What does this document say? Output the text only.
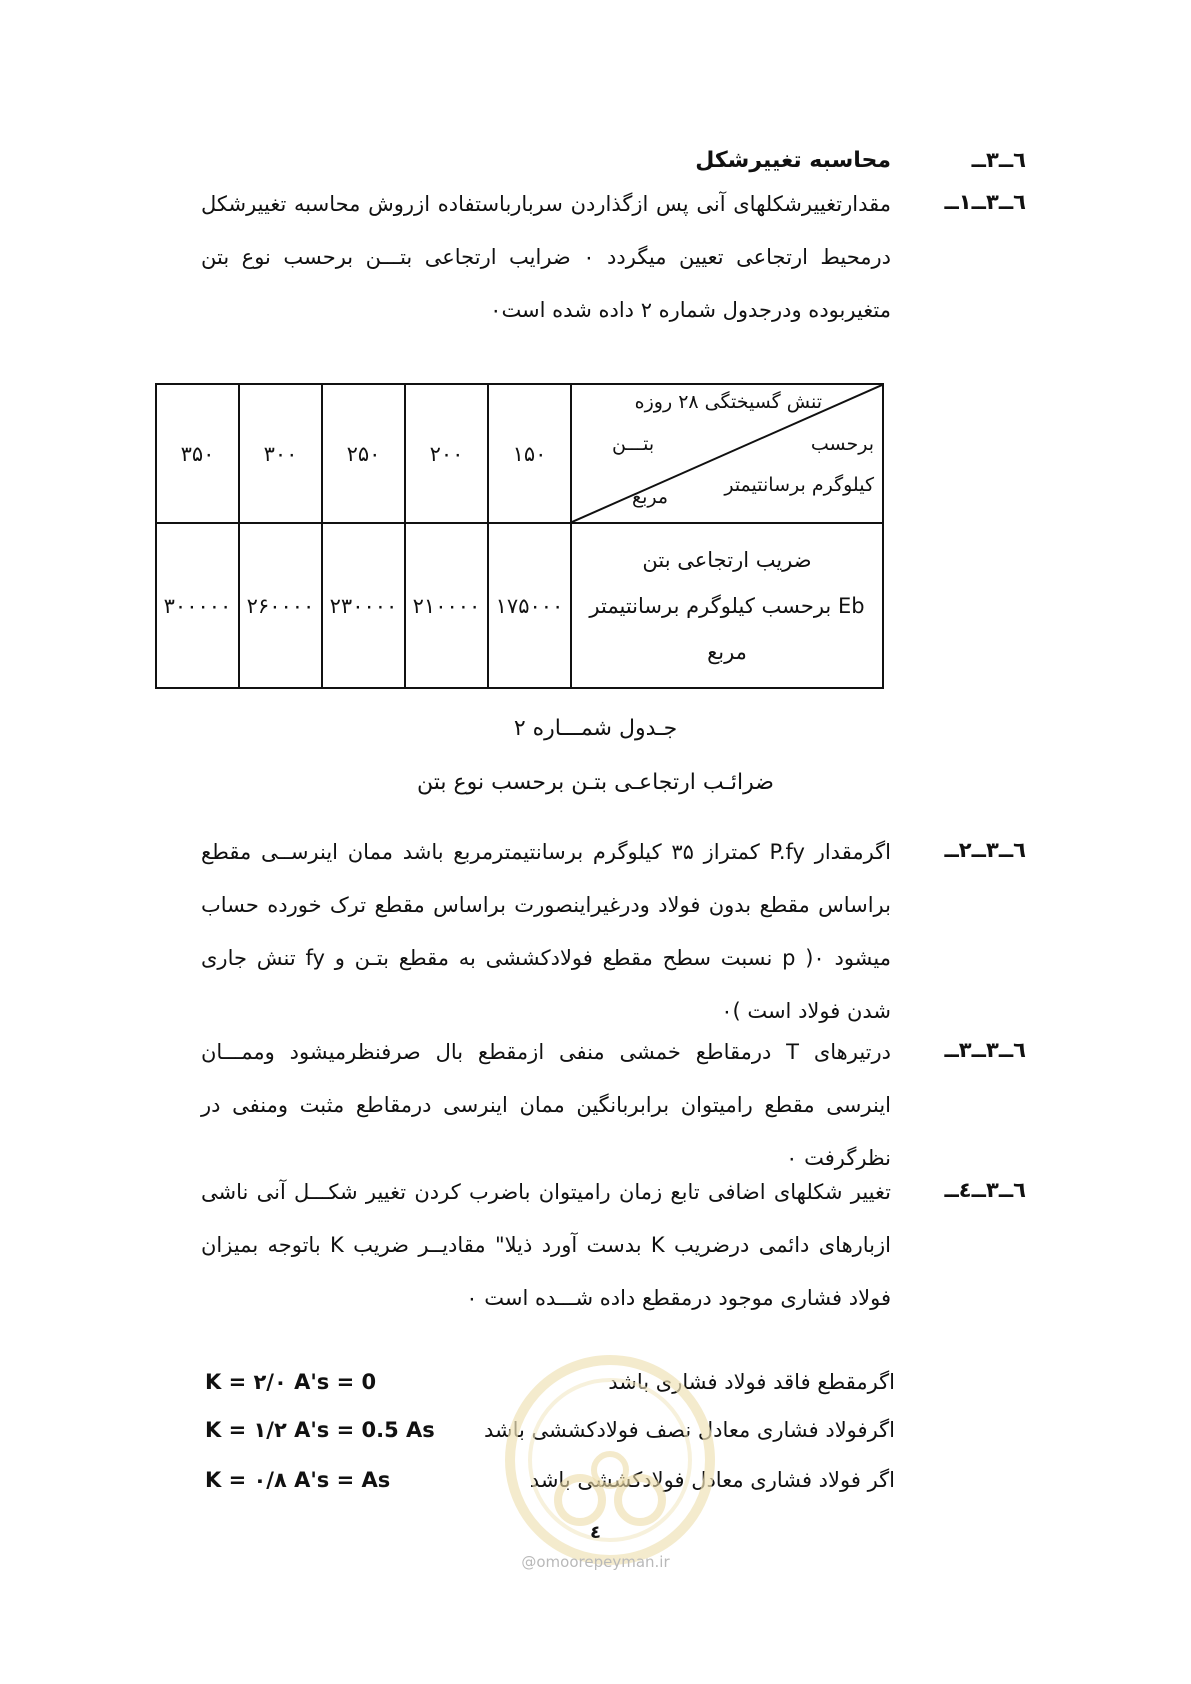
٦ــ٣ــ
محاسبه تغییرشکل
٦ــ٣ــ١ــ
مقدارتغییرشکلهای آنی پس ازگذاردن سربارباستفاده ازروش محاسبه تغییرشکل درمحیط ارتجاعی تعیین میگردد ۰ ضرایب ارتجاعی بتـــن برحسب نوع بتن متغیربوده ودرجدول شماره ۲ داده شده است۰
۳۵۰	۳۰۰	۲۵۰	۲۰۰	۱۵۰	تنش گسیختگی ۲۸ روزه
برحسب
بتـــن
کیلوگرم برسانتیمتر
مربع

۳۰۰۰۰۰	۲۶۰۰۰۰	۲۳۰۰۰۰	۲۱۰۰۰۰	۱۷۵۰۰۰	ضریب ارتجاعی بتن
Eb برحسب کیلوگرم برسانتیمتر
مربع
جـدول شمـــاره ۲
ضرائـب ارتجاعـی بتـن برحسب نوع بتن
٦ــ٣ــ٢ــ
اگرمقدار P.fy کمتراز ۳۵ کیلوگرم برسانتیمترمربع باشد ممان اینرســی مقطع براساس مقطع بدون فولاد ودرغیراینصورت براساس مقطع ترک خورده حساب میشود ۰( p نسبت سطح مقطع فولادکششی به مقطع بتـن و fy تنش جاری شدن فولاد است )۰
٦ــ٣ــ٣ــ
درتیرهای T درمقاطع خمشی منفی ازمقطع بال صرفنظرمیشود وممـــان اینرسی مقطع رامیتوان برابربانگین ممان اینرسی درمقاطع مثبت ومنفی در نظرگرفت ۰
٦ــ٣ــ٤ــ
تغییر شکلهای اضافی تابع زمان رامیتوان باضرب کردن تغییر شکـــل آنی ناشی ازبارهای دائمی درضریب K بدست آورد ذیلا" مقادیــر ضریب K باتوجه بمیزان فولاد فشاری موجود درمقطع داده شـــده است ۰
K = ۲/۰ A's = 0	اگرمقطع فاقد فولاد فشاری باشد
K = ۱/۲ A's = 0.5 As اگرفولاد فشاری معادل نصف فولادکششی باشد
K = ۰/۸ A's = As	اگر فولاد فشاری معادل فولادکششی باشد
٤
@omoorepeyman.ir
